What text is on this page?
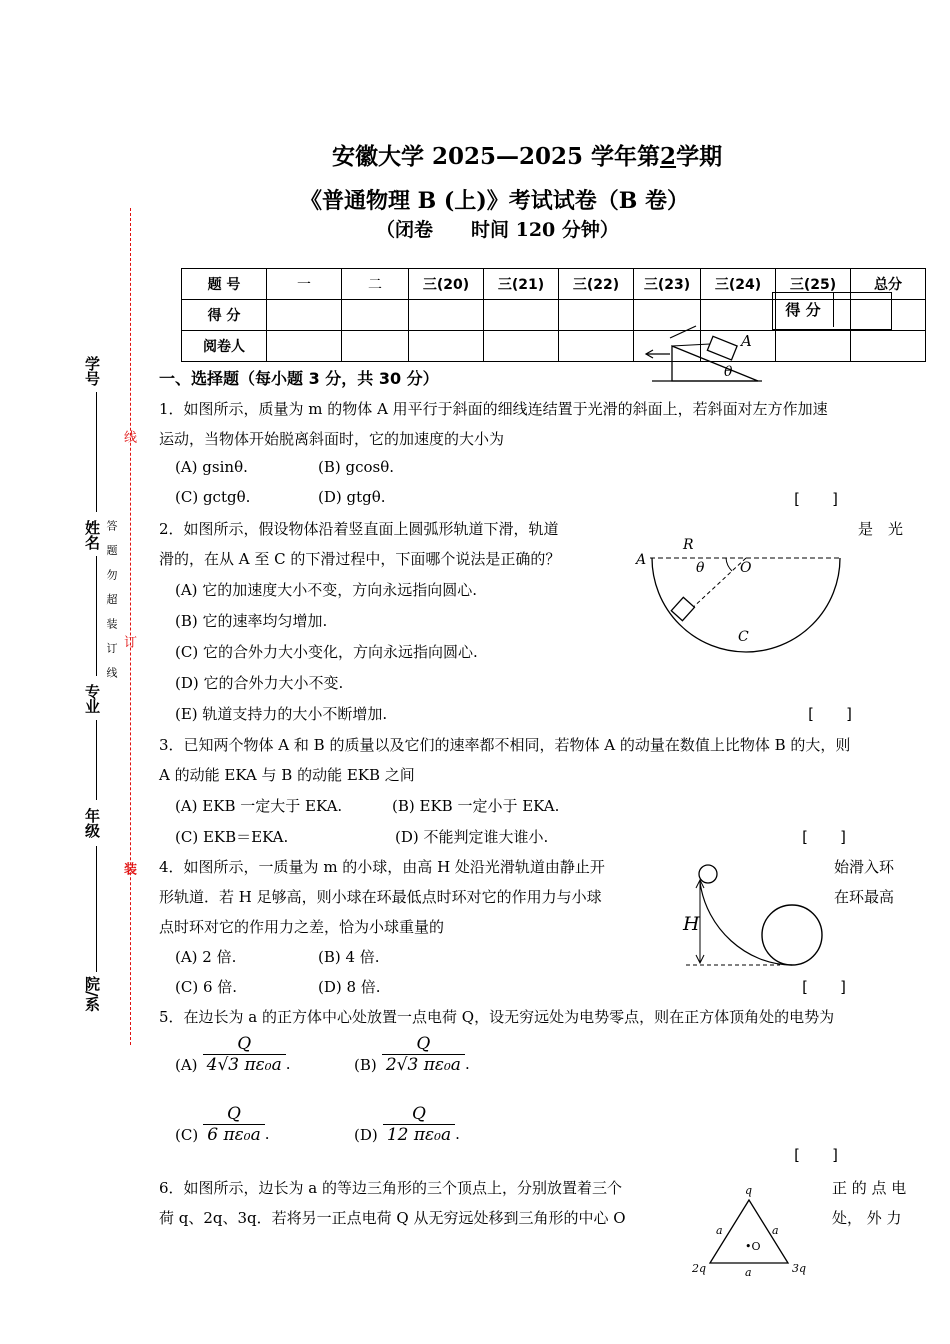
安徽大学 2025—2025 学年第2学期
《普通物理 B (上)》考试试卷（B 卷）
（闭卷　　时间 120 分钟）
题 号	一	二	三(20)	三(21)	三(22)	三(23)	三(24)	三(25)	总分
得 分									
阅卷人									
得 分
A
θ
线
订
装
答 题 勿 超 装 订 线
学号
姓名
专业
年级
院/系
一、选择题（每小题 3 分，共 30 分）
1．如图所示，质量为 m 的物体 A 用平行于斜面的细线连结置于光滑的斜面上，若斜面对左方作加速
运动，当物体开始脱离斜面时，它的加速度的大小为
(A) gsinθ.	(B) gcosθ.
(C) gctgθ.	(D) gtgθ.	[　　]
2．如图所示，假设物体沿着竖直面上圆弧形轨道下滑，轨道	是　光
滑的，在从 A 至 C 的下滑过程中，下面哪个说法是正确的？
(A) 它的加速度大小不变，方向永远指向圆心.
(B) 它的速率均匀增加.
(C) 它的合外力大小变化，方向永远指向圆心.
(D) 它的合外力大小不变.
(E) 轨道支持力的大小不断增加.	[　　]
A
R
θ	O
C
3．已知两个物体 A 和 B 的质量以及它们的速率都不相同，若物体 A 的动量在数值上比物体 B 的大，则
A 的动能 EKA 与 B 的动能 EKB 之间
(A) EKB 一定大于 EKA.	(B) EKB 一定小于 EKA.
(C) EKB＝EKA.	(D) 不能判定谁大谁小.	[　　]
4．如图所示，一质量为 m 的小球，由高 H 处沿光滑轨道由静止开	始滑入环
形轨道．若 H 足够高，则小球在环最低点时环对它的作用力与小球	在环最高
点时环对它的作用力之差，恰为小球重量的
(A) 2 倍.	(B) 4 倍.
(C) 6 倍.	(D) 8 倍.	[　　]
H
5．在边长为 a 的正方体中心处放置一点电荷 Q，设无穷远处为电势零点，则在正方体顶角处的电势为
$(A) \frac{Q}{\text{4√3 πε₀a}}$ .	$(B) \frac{Q}{\text{2√3 πε₀a}}$ .
$(C) \frac{Q}{\text{6 πε₀a}}$ .	$(D) \frac{Q}{\text{12 πε₀a}}$ .
[　　]
6．如图所示，边长为 a 的等边三角形的三个顶点上，分别放置着三个	正 的 点 电
荷 q、2q、3q．若将另一正点电荷 Q 从无穷远处移到三角形的中心 O	处， 外 力
q
2q	3q
a	a
a
•O
